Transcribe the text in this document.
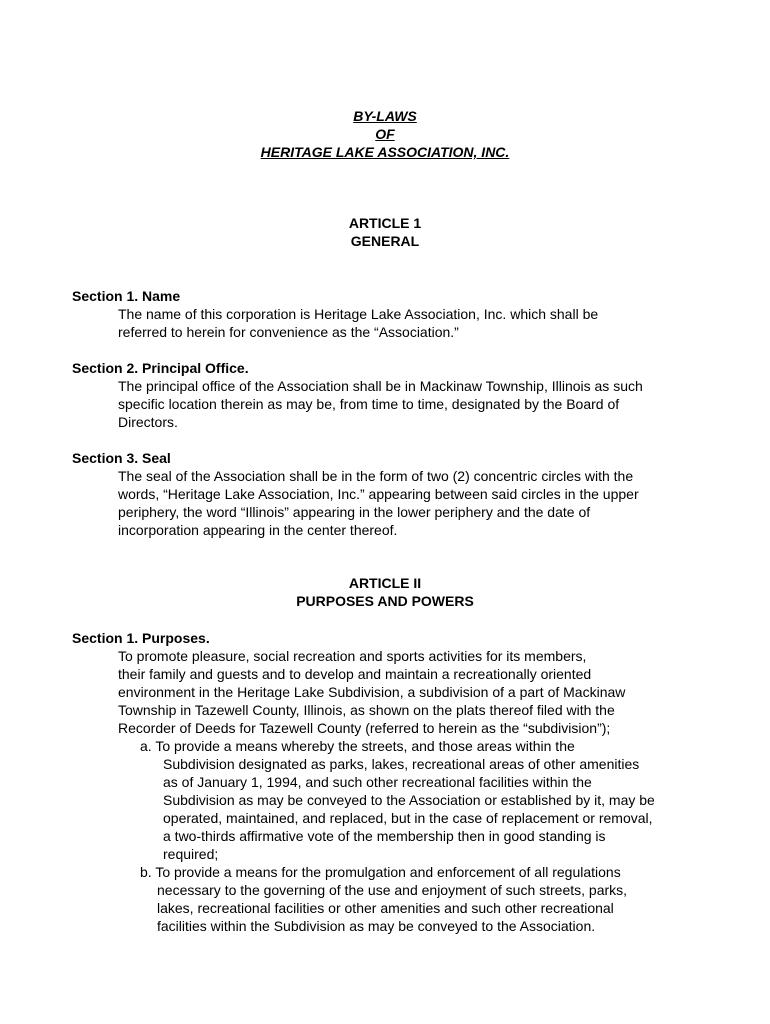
BY-LAWS
OF
HERITAGE LAKE ASSOCIATION, INC.
ARTICLE 1
GENERAL
Section 1. Name
The name of this corporation is Heritage Lake Association, Inc. which shall be
referred to herein for convenience as the “Association.”
Section 2. Principal Office.
The principal office of the Association shall be in Mackinaw Township, Illinois as such
specific location therein as may be, from time to time, designated by the Board of
Directors.
Section 3. Seal
The seal of the Association shall be in the form of two (2) concentric circles with the
words, “Heritage Lake Association, Inc.” appearing between said circles in the upper
periphery, the word “Illinois” appearing in the lower periphery and the date of
incorporation appearing in the center thereof.
ARTICLE II
PURPOSES AND POWERS
Section 1. Purposes.
To promote pleasure, social recreation and sports activities for its members,
their family and guests and to develop and maintain a recreationally oriented
environment in the Heritage Lake Subdivision, a subdivision of a part of Mackinaw
Township in Tazewell County, Illinois, as shown on the plats thereof filed with the
Recorder of Deeds for Tazewell County (referred to herein as the “subdivision”);
a. To provide a means whereby the streets, and those areas within the
Subdivision designated as parks, lakes, recreational areas of other amenities
as of January 1, 1994, and such other recreational facilities within the
Subdivision as may be conveyed to the Association or established by it, may be
operated, maintained, and replaced, but in the case of replacement or removal,
a two-thirds affirmative vote of the membership then in good standing is
required;
b. To provide a means for the promulgation and enforcement of all regulations
necessary to the governing of the use and enjoyment of such streets, parks,
lakes, recreational facilities or other amenities and such other recreational
facilities within the Subdivision as may be conveyed to the Association.
